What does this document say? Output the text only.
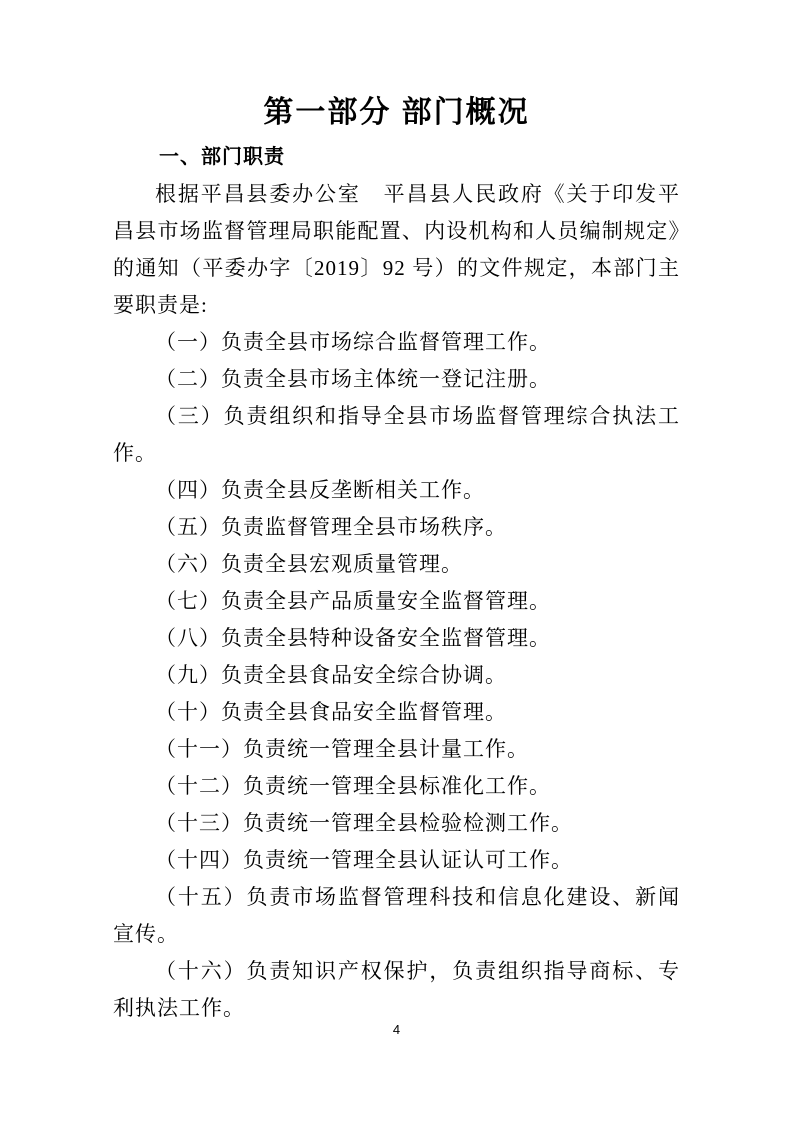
第一部分 部门概况
一、部门职责

根据平昌县委办公室　平昌县人民政府《关于印发平昌县市场监督管理局职能配置、内设机构和人员编制规定》的通知（平委办字〔2019〕92 号）的文件规定，本部门主要职责是:

（一）负责全县市场综合监督管理工作。

（二）负责全县市场主体统一登记注册。

（三）负责组织和指导全县市场监督管理综合执法工作。

（四）负责全县反垄断相关工作。

（五）负责监督管理全县市场秩序。

（六）负责全县宏观质量管理。

（七）负责全县产品质量安全监督管理。

（八）负责全县特种设备安全监督管理。

（九）负责全县食品安全综合协调。

（十）负责全县食品安全监督管理。

（十一）负责统一管理全县计量工作。

（十二）负责统一管理全县标准化工作。

（十三）负责统一管理全县检验检测工作。

（十四）负责统一管理全县认证认可工作。

（十五）负责市场监督管理科技和信息化建设、新闻宣传。

（十六）负责知识产权保护，负责组织指导商标、专利执法工作。

4
